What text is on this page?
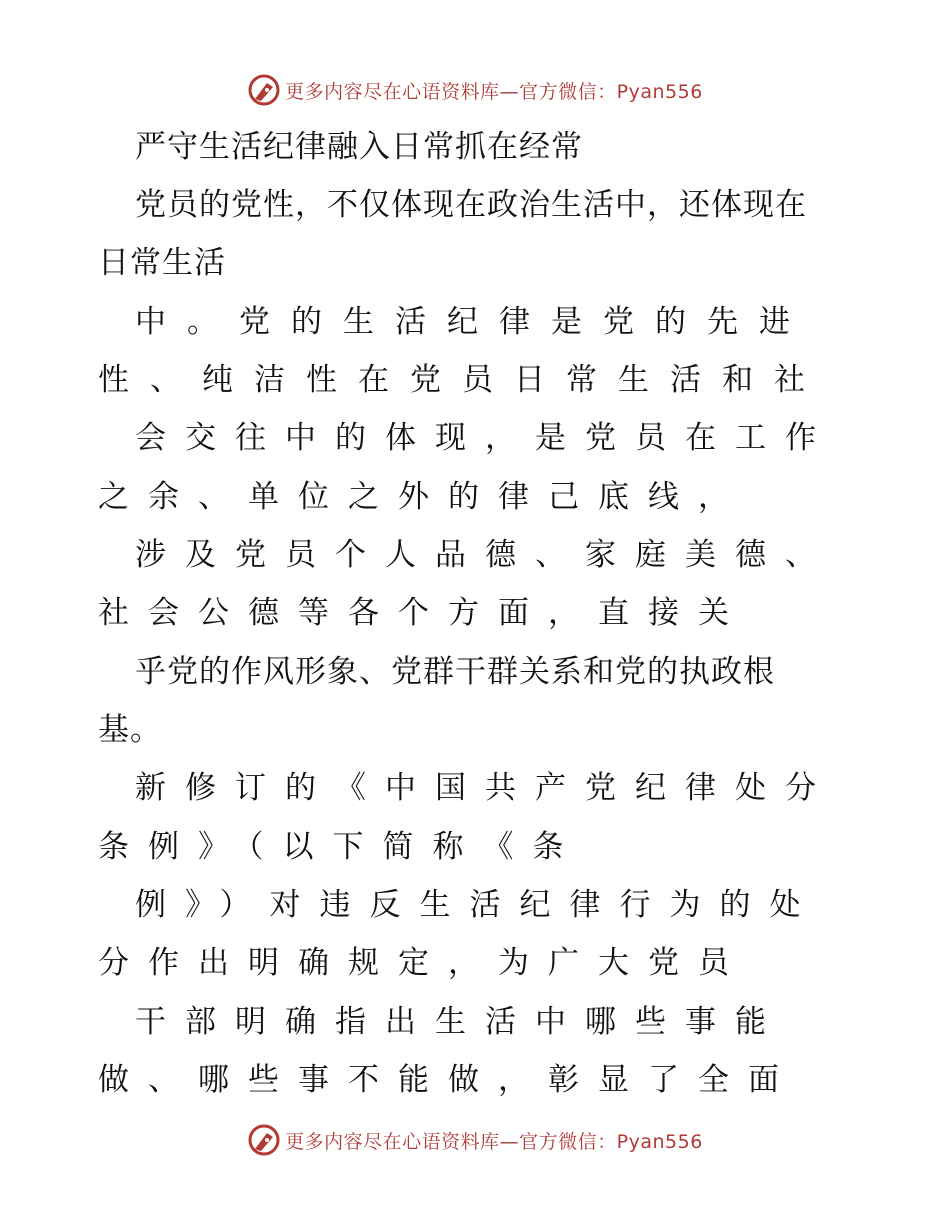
更多内容尽在心语资料库—官方微信：Pyan556
严守生活纪律融入日常抓在经常
党员的党性，不仅体现在政治生活中，还体现在
日常生活
中。党的生活纪律是党的先进
性、纯洁性在党员日常生活和社
会交往中的体现，是党员在工作
之余、单位之外的律己底线，
涉及党员个人品德、家庭美德、
社会公德等各个方面，直接关
乎党的作风形象、党群干群关系和党的执政根
基。
新修订的《中国共产党纪律处分
条例》（以下简称《条
例》）对违反生活纪律行为的处
分作出明确规定，为广大党员
干部明确指出生活中哪些事能
做、哪些事不能做，彰显了全面
更多内容尽在心语资料库—官方微信：Pyan556
